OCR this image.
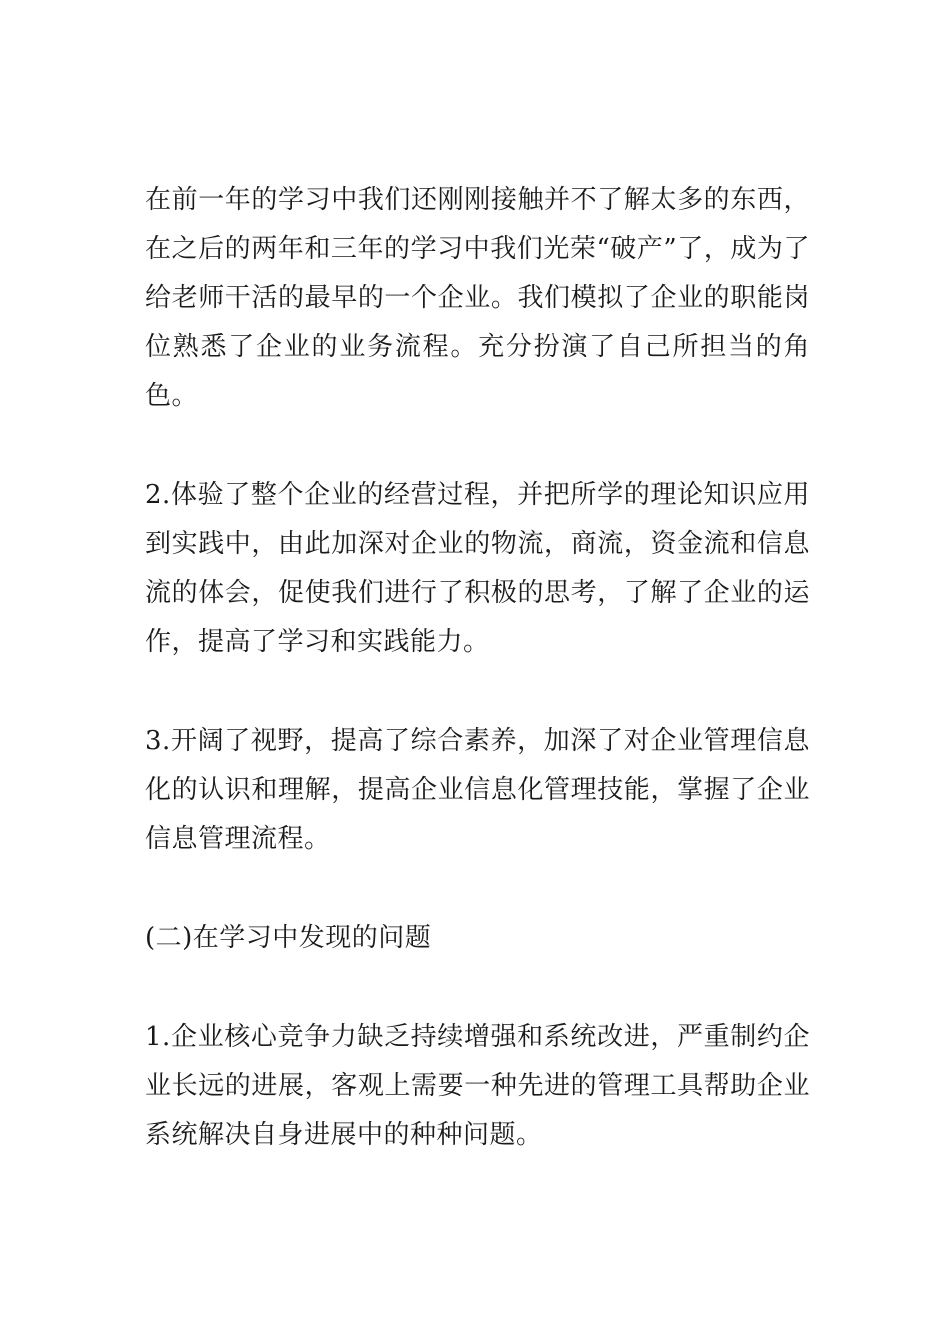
在前一年的学习中我们还刚刚接触并不了解太多的东西，在之后的两年和三年的学习中我们光荣“破产”了，成为了给老师干活的最早的一个企业。我们模拟了企业的职能岗位熟悉了企业的业务流程。充分扮演了自己所担当的角色。

2.体验了整个企业的经营过程，并把所学的理论知识应用到实践中，由此加深对企业的物流，商流，资金流和信息流的体会，促使我们进行了积极的思考，了解了企业的运作，提高了学习和实践能力。

3.开阔了视野，提高了综合素养，加深了对企业管理信息化的认识和理解，提高企业信息化管理技能，掌握了企业信息管理流程。

(二)在学习中发现的问题

1.企业核心竞争力缺乏持续增强和系统改进，严重制约企业长远的进展，客观上需要一种先进的管理工具帮助企业系统解决自身进展中的种种问题。
